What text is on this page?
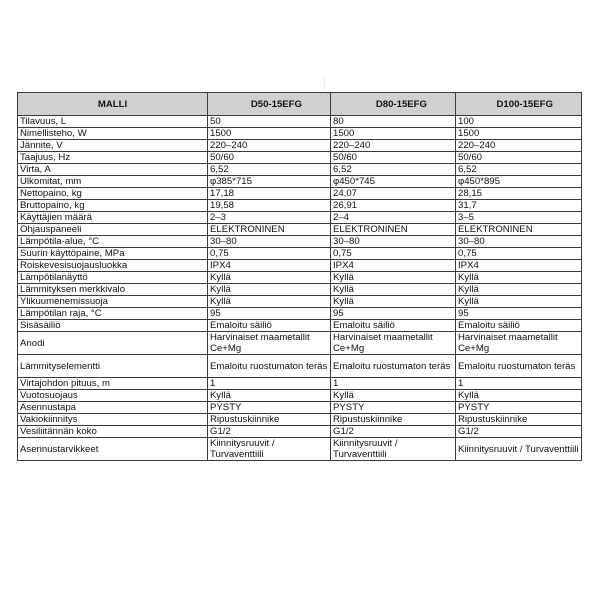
MALLI	D50-15EFG	D80-15EFG	D100-15EFG
Tilavuus, L	50	80	100
Nimellisteho, W	1500	1500	1500
Jännite, V	220–240	220–240	220–240
Taajuus, Hz	50/60	50/60	50/60
Virta, A	6,52	6,52	6,52
Ulkomitat, mm	φ385*715	φ450*745	φ450*895
Nettopaino, kg	17,18	24,07	28,15
Bruttopaino, kg	19,58	26,91	31,7
Käyttäjien määrä	2–3	2–4	3–5
Ohjauspaneeli	ELEKTRONINEN	ELEKTRONINEN	ELEKTRONINEN
Lämpötila-alue, °C	30–80	30–80	30–80
Suurin käyttöpaine, MPa	0,75	0,75	0,75
Roiskevesisuojausluokka	IPX4	IPX4	IPX4
Lämpötilanäyttö	Kyllä	Kyllä	Kyllä
Lämmityksen merkkivalo	Kyllä	Kyllä	Kyllä
Ylikuumenemissuoja	Kyllä	Kyllä	Kyllä
Lämpötilan raja, °C	95	95	95
Sisäsäiliö	Emaloitu säiliö	Emaloitu säiliö	Emaloitu säiliö
Anodi	Harvinaiset maametallit Ce+Mg	Harvinaiset maametallit Ce+Mg	Harvinaiset maametallit Ce+Mg
Lämmityselementti	Emaloitu ruostumaton teräs	Emaloitu ruostumaton teräs	Emaloitu ruostumaton teräs
Virtajohdon pituus, m	1	1	1
Vuotosuojaus	Kyllä	Kyllä	Kyllä
Asennustapa	PYSTY	PYSTY	PYSTY
Vakiokiinnitys	Ripustuskiinnike	Ripustuskiinnike	Ripustuskiinnike
Vesiliitännän koko	G1/2	G1/2	G1/2
Asennustarvikkeet	Kiinnitysruuvit / Turvaventtiili	Kiinnitysruuvit / Turvaventtiili	Kiinnitysruuvit / Turvaventtiili
